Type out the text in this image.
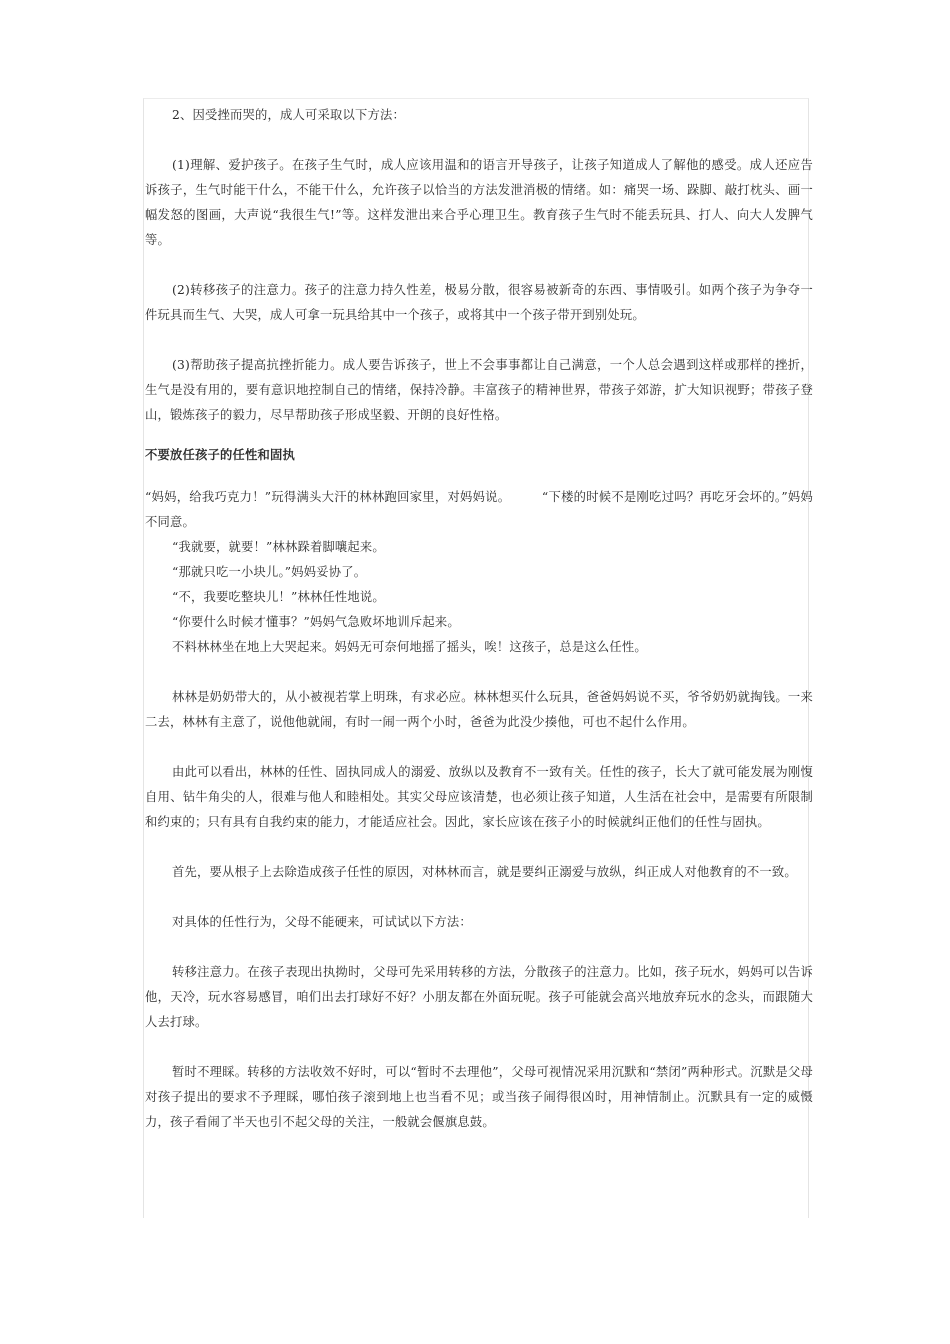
2、因受挫而哭的，成人可采取以下方法：

(1)理解、爱护孩子。在孩子生气时，成人应该用温和的语言开导孩子，让孩子知道成人了解他的感受。成人还应告诉孩子，生气时能干什么，不能干什么，允许孩子以恰当的方法发泄消极的情绪。如：痛哭一场、跺脚、敲打枕头、画一幅发怒的图画，大声说“我很生气!”等。这样发泄出来合乎心理卫生。教育孩子生气时不能丢玩具、打人、向大人发脾气等。

(2)转移孩子的注意力。孩子的注意力持久性差，极易分散，很容易被新奇的东西、事情吸引。如两个孩子为争夺一件玩具而生气、大哭，成人可拿一玩具给其中一个孩子，或将其中一个孩子带开到别处玩。

(3)帮助孩子提高抗挫折能力。成人要告诉孩子，世上不会事事都让自己满意，一个人总会遇到这样或那样的挫折，生气是没有用的，要有意识地控制自己的情绪，保持冷静。丰富孩子的精神世界，带孩子郊游，扩大知识视野；带孩子登山，锻炼孩子的毅力，尽早帮助孩子形成坚毅、开朗的良好性格。

不要放任孩子的任性和固执

“妈妈，给我巧克力！”玩得满头大汗的林林跑回家里，对妈妈说。　　　“下楼的时候不是刚吃过吗？再吃牙会坏的。”妈妈不同意。

“我就要，就要！”林林跺着脚嚷起来。
“那就只吃一小块儿。”妈妈妥协了。
“不，我要吃整块儿！”林林任性地说。
“你要什么时候才懂事？”妈妈气急败坏地训斥起来。
不料林林坐在地上大哭起来。妈妈无可奈何地摇了摇头，唉！这孩子，总是这么任性。

林林是奶奶带大的，从小被视若掌上明珠，有求必应。林林想买什么玩具，爸爸妈妈说不买，爷爷奶奶就掏钱。一来二去，林林有主意了，说他他就闹，有时一闹一两个小时，爸爸为此没少揍他，可也不起什么作用。

由此可以看出，林林的任性、固执同成人的溺爱、放纵以及教育不一致有关。任性的孩子，长大了就可能发展为刚愎自用、钻牛角尖的人，很难与他人和睦相处。其实父母应该清楚，也必须让孩子知道，人生活在社会中，是需要有所限制和约束的；只有具有自我约束的能力，才能适应社会。因此，家长应该在孩子小的时候就纠正他们的任性与固执。

首先，要从根子上去除造成孩子任性的原因，对林林而言，就是要纠正溺爱与放纵，纠正成人对他教育的不一致。

对具体的任性行为，父母不能硬来，可试试以下方法：

转移注意力。在孩子表现出执拗时，父母可先采用转移的方法，分散孩子的注意力。比如，孩子玩水，妈妈可以告诉他，天冷，玩水容易感冒，咱们出去打球好不好？小朋友都在外面玩呢。孩子可能就会高兴地放弃玩水的念头，而跟随大人去打球。

暂时不理睬。转移的方法收效不好时，可以“暂时不去理他”，父母可视情况采用沉默和“禁闭”两种形式。沉默是父母对孩子提出的要求不予理睬，哪怕孩子滚到地上也当看不见；或当孩子闹得很凶时，用神情制止。沉默具有一定的威慑力，孩子看闹了半天也引不起父母的关注，一般就会偃旗息鼓。
